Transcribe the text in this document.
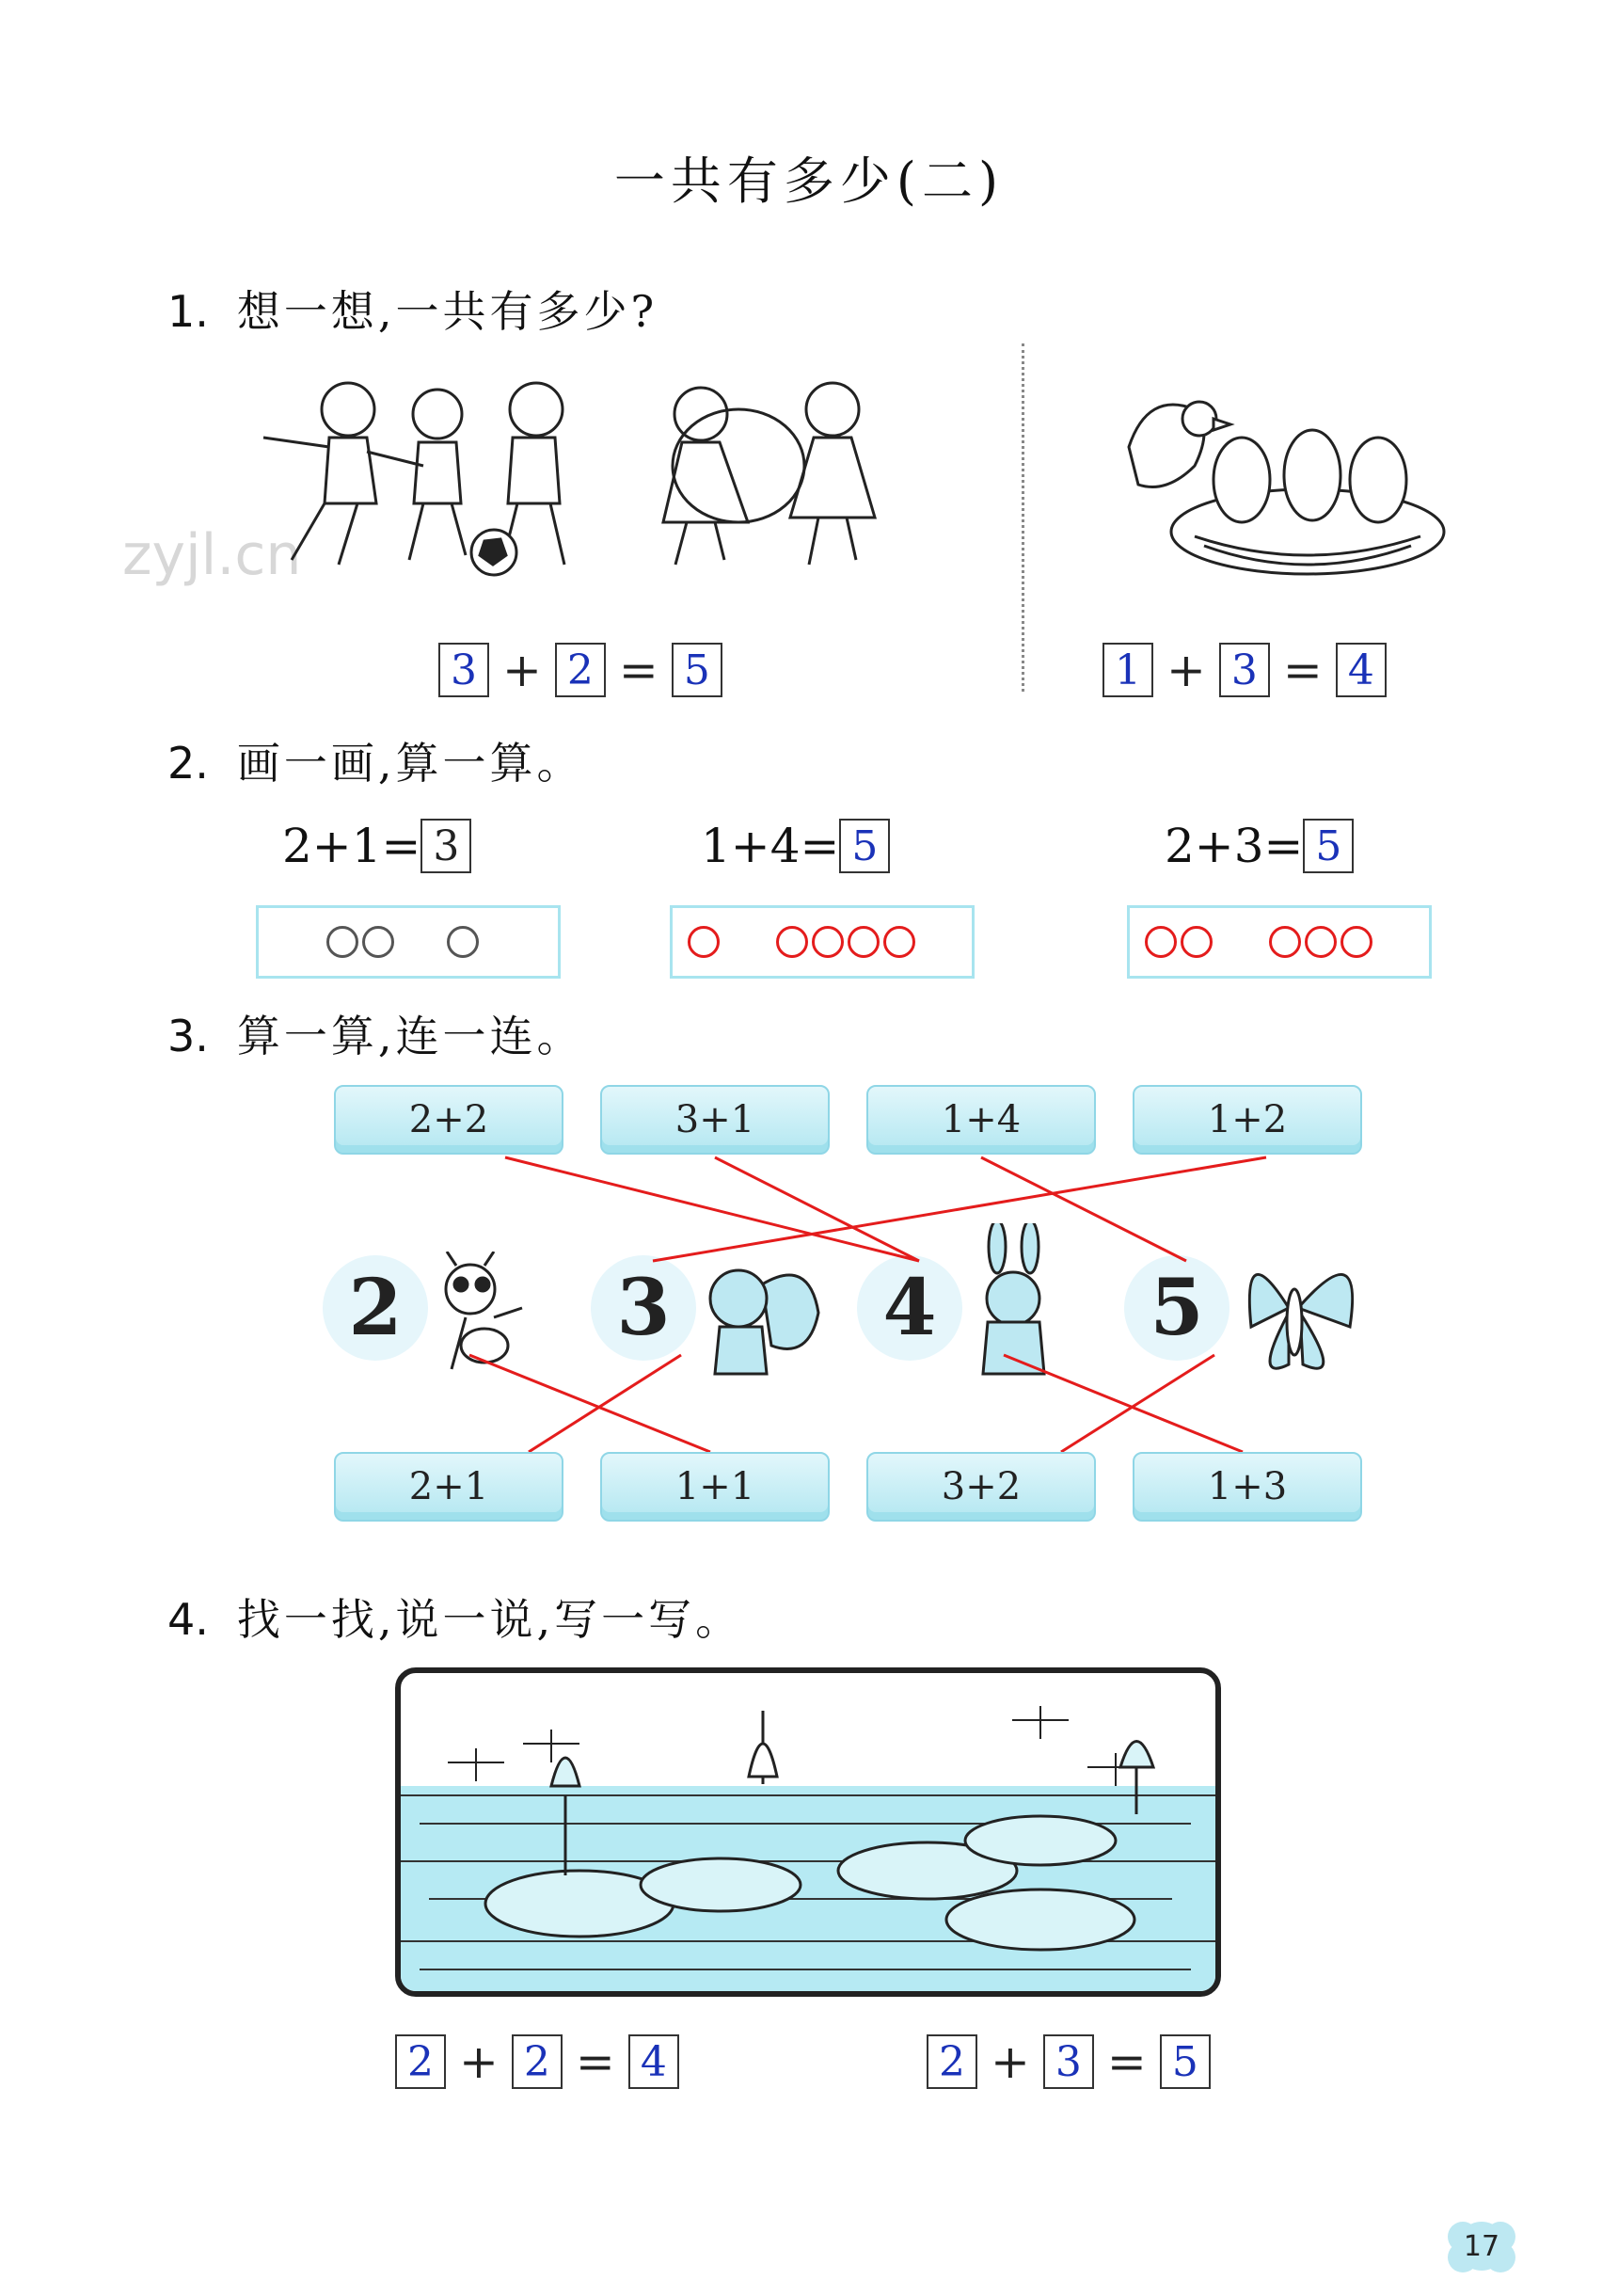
一共有多少(二)
zyjl.cn
1. 想一想,一共有多少?
3 + 2 = 5	1 + 3 = 4
2. 画一画,算一算。
2+1= 3	1+4= 5	2+3= 5
3. 算一算,连一连。
2+2	3+1	1+4	1+2
2	3	4	5
2+1	1+1	3+2	1+3
4. 找一找,说一说,写一写。
2 + 2 = 4	2 + 3 = 5
17
